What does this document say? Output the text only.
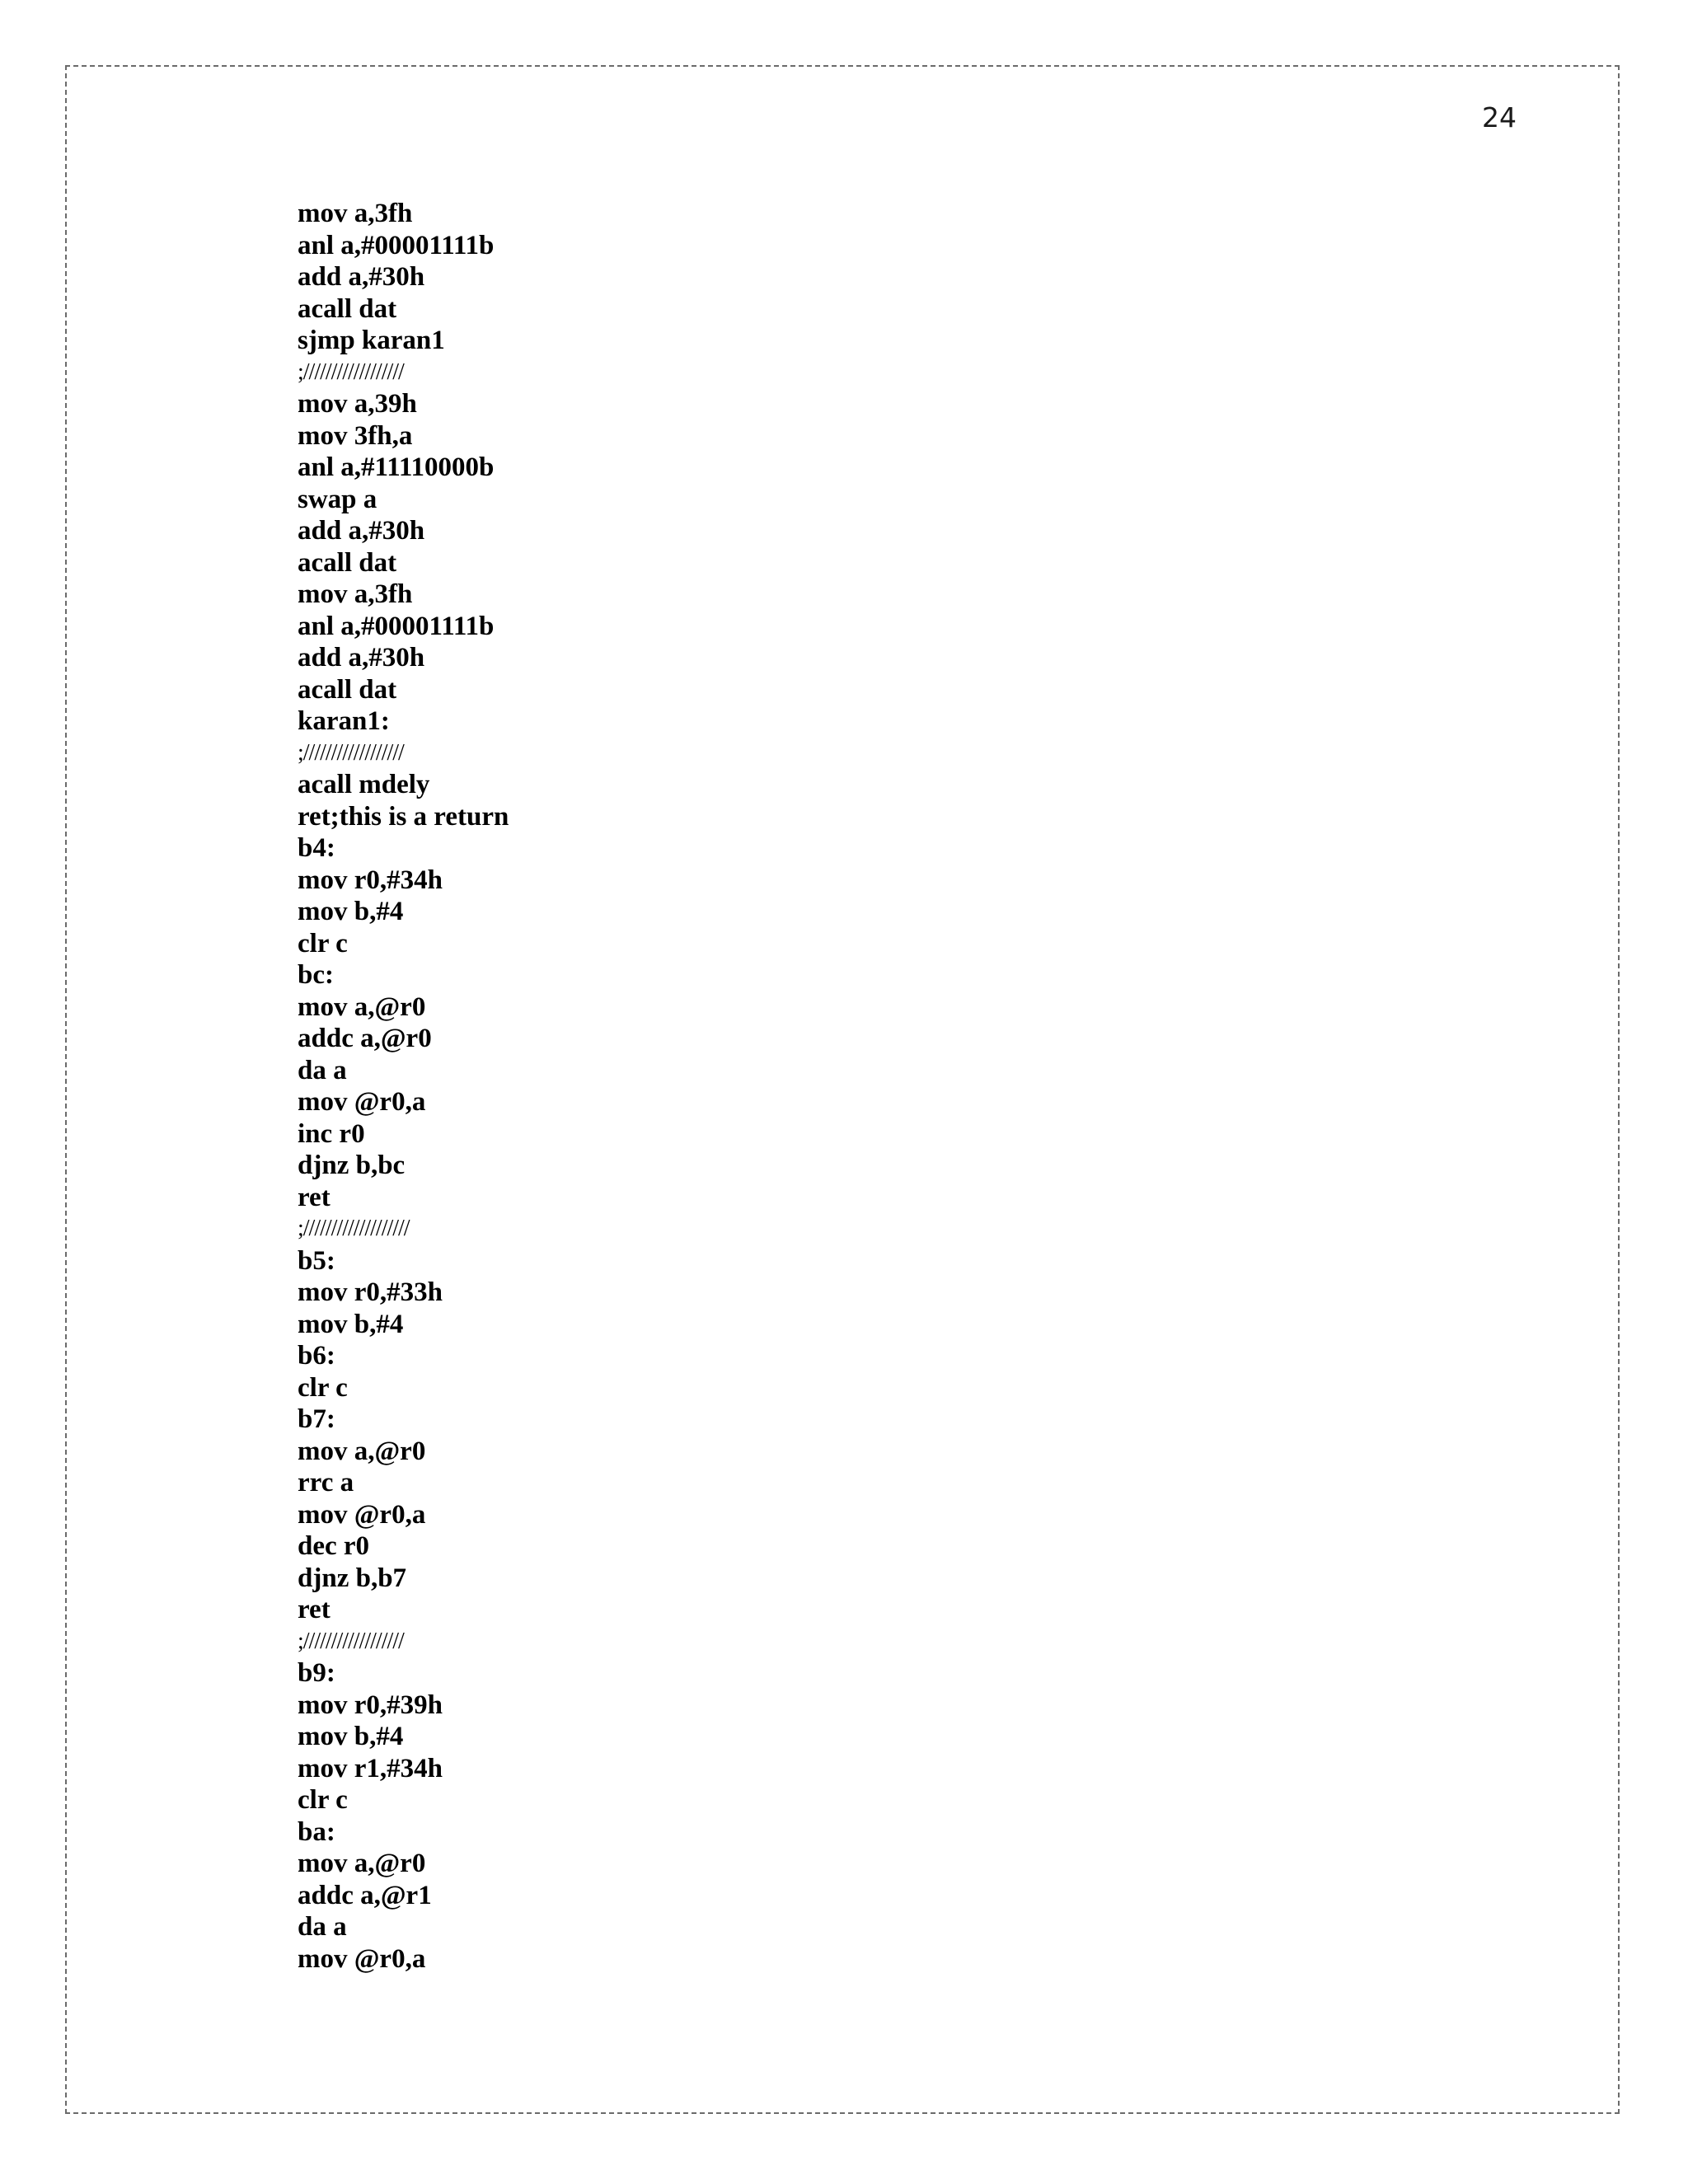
24
mov a,3fh
anl a,#00001111b
add a,#30h
acall dat
sjmp karan1
;//////////////////
mov a,39h
mov 3fh,a
anl a,#11110000b
swap a
add a,#30h
acall dat
mov a,3fh
anl a,#00001111b
add a,#30h
acall dat
karan1:
;//////////////////
acall mdely
ret;this is a return
b4:
mov r0,#34h
mov b,#4
clr c
bc:
mov a,@r0
addc a,@r0
da a
mov @r0,a
inc r0
djnz b,bc
ret
;///////////////////
b5:
mov r0,#33h
mov b,#4
b6:
clr c
b7:
mov a,@r0
rrc a
mov @r0,a
dec r0
djnz b,b7
ret
;//////////////////
b9:
mov r0,#39h
mov b,#4
mov r1,#34h
clr c
ba:
mov a,@r0
addc a,@r1
da a
mov @r0,a
